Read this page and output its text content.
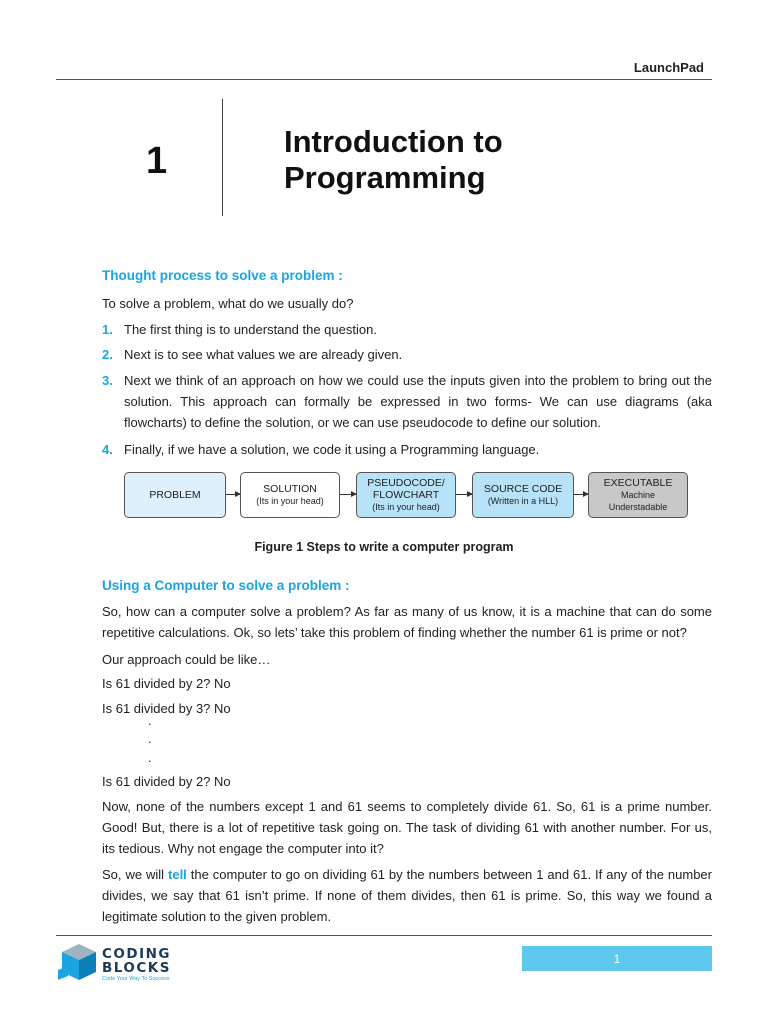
LaunchPad
1	Introduction to
Programming
Thought process to solve a problem :
To solve a problem, what do we usually do?
1. The first thing is to understand the question.
2. Next is to see what values we are already given.
3. Next we think of an approach on how we could use the inputs given into the problem to bring out the solution. This approach can formally be expressed in two forms- We can use diagrams (aka flowcharts) to define the solution, or we can use pseudocode to define our solution.
4. Finally, if we have a solution, we code it using a Programming language.
PROBLEM	SOLUTION
(Its in your head)
PSEUDOCODE/
FLOWCHART
(Its in your head)
SOURCE CODE
(Written in a HLL)
EXECUTABLE
Machine
Understadable
Figure 1 Steps to write a computer program
Using a Computer to solve a problem :
So, how can a computer solve a problem? As far as many of us know, it is a machine that can do some repetitive calculations. Ok, so lets’ take this problem of finding whether the number 61 is prime or not?
Our approach could be like…
Is 61 divided by 2? No
Is 61 divided by 3? No
.
.
.
Is 61 divided by 2? No
Now, none of the numbers except 1 and 61 seems to completely divide 61. So, 61 is a prime number. Good! But, there is a lot of repetitive task going on. The task of dividing 61 with another number. For us, its tedious. Why not engage the computer into it?
So, we will tell the computer to go on dividing 61 by the numbers between 1 and 61. If any of the number divides, we say that 61 isn’t prime. If none of them divides, then 61 is prime. So, this way we found a legitimate solution to the given problem.
CODING
BLOCKS
Code Your Way To Success
1
